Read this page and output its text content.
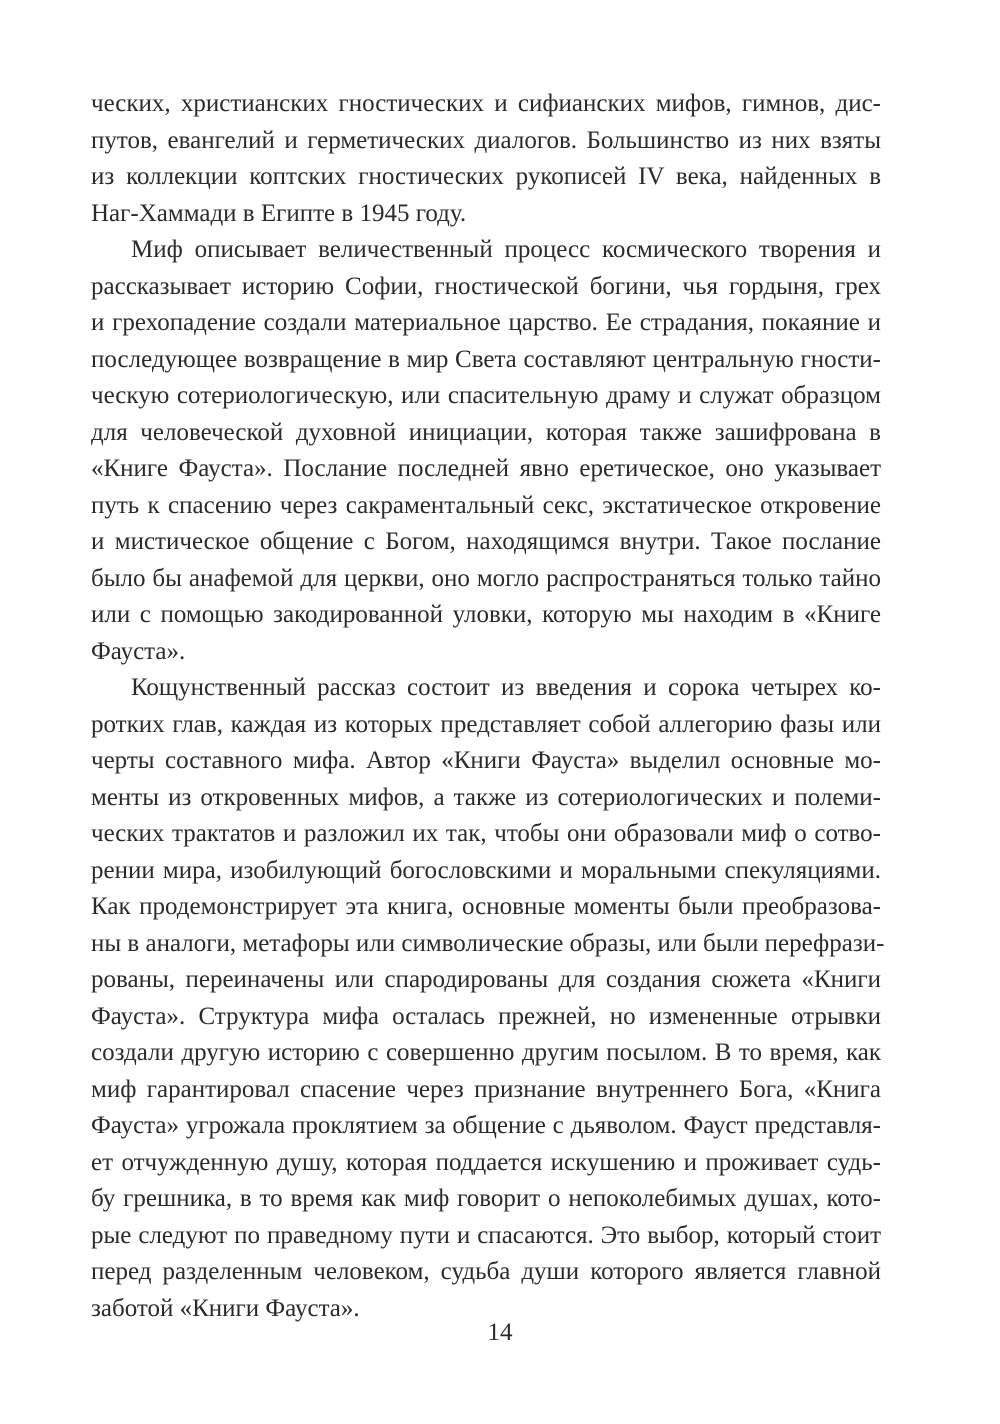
ческих, христианских гностических и сифианских мифов, гимнов, дис-
путов, евангелий и герметических диалогов. Большинство из них взяты
из коллекции коптских гностических рукописей IV века, найденных в
Наг-Хаммади в Египте в 1945 году.
Миф описывает величественный процесс космического творения и
рассказывает историю Софии, гностической богини, чья гордыня, грех
и грехопадение создали материальное царство. Ее страдания, покаяние и
последующее возвращение в мир Света составляют центральную гности-
ческую сотериологическую, или спасительную драму и служат образцом
для человеческой духовной инициации, которая также зашифрована в
«Книге Фауста». Послание последней явно еретическое, оно указывает
путь к спасению через сакраментальный секс, экстатическое откровение
и мистическое общение с Богом, находящимся внутри. Такое послание
было бы анафемой для церкви, оно могло распространяться только тайно
или с помощью закодированной уловки, которую мы находим в «Книге
Фауста».
Кощунственный рассказ состоит из введения и сорока четырех ко-
ротких глав, каждая из которых представляет собой аллегорию фазы или
черты составного мифа. Автор «Книги Фауста» выделил основные мо-
менты из откровенных мифов, а также из сотериологических и полеми-
ческих трактатов и разложил их так, чтобы они образовали миф о сотво-
рении мира, изобилующий богословскими и моральными спекуляциями.
Как продемонстрирует эта книга, основные моменты были преобразова-
ны в аналоги, метафоры или символические образы, или были перефрази-
рованы, переиначены или спародированы для создания сюжета «Книги
Фауста». Структура мифа осталась прежней, но измененные отрывки
создали другую историю с совершенно другим посылом. В то время, как
миф гарантировал спасение через признание внутреннего Бога, «Книга
Фауста» угрожала проклятием за общение с дьяволом. Фауст представля-
ет отчужденную душу, которая поддается искушению и проживает судь-
бу грешника, в то время как миф говорит о непоколебимых душах, кото-
рые следуют по праведному пути и спасаются. Это выбор, который стоит
перед разделенным человеком, судьба души которого является главной
заботой «Книги Фауста».
14
